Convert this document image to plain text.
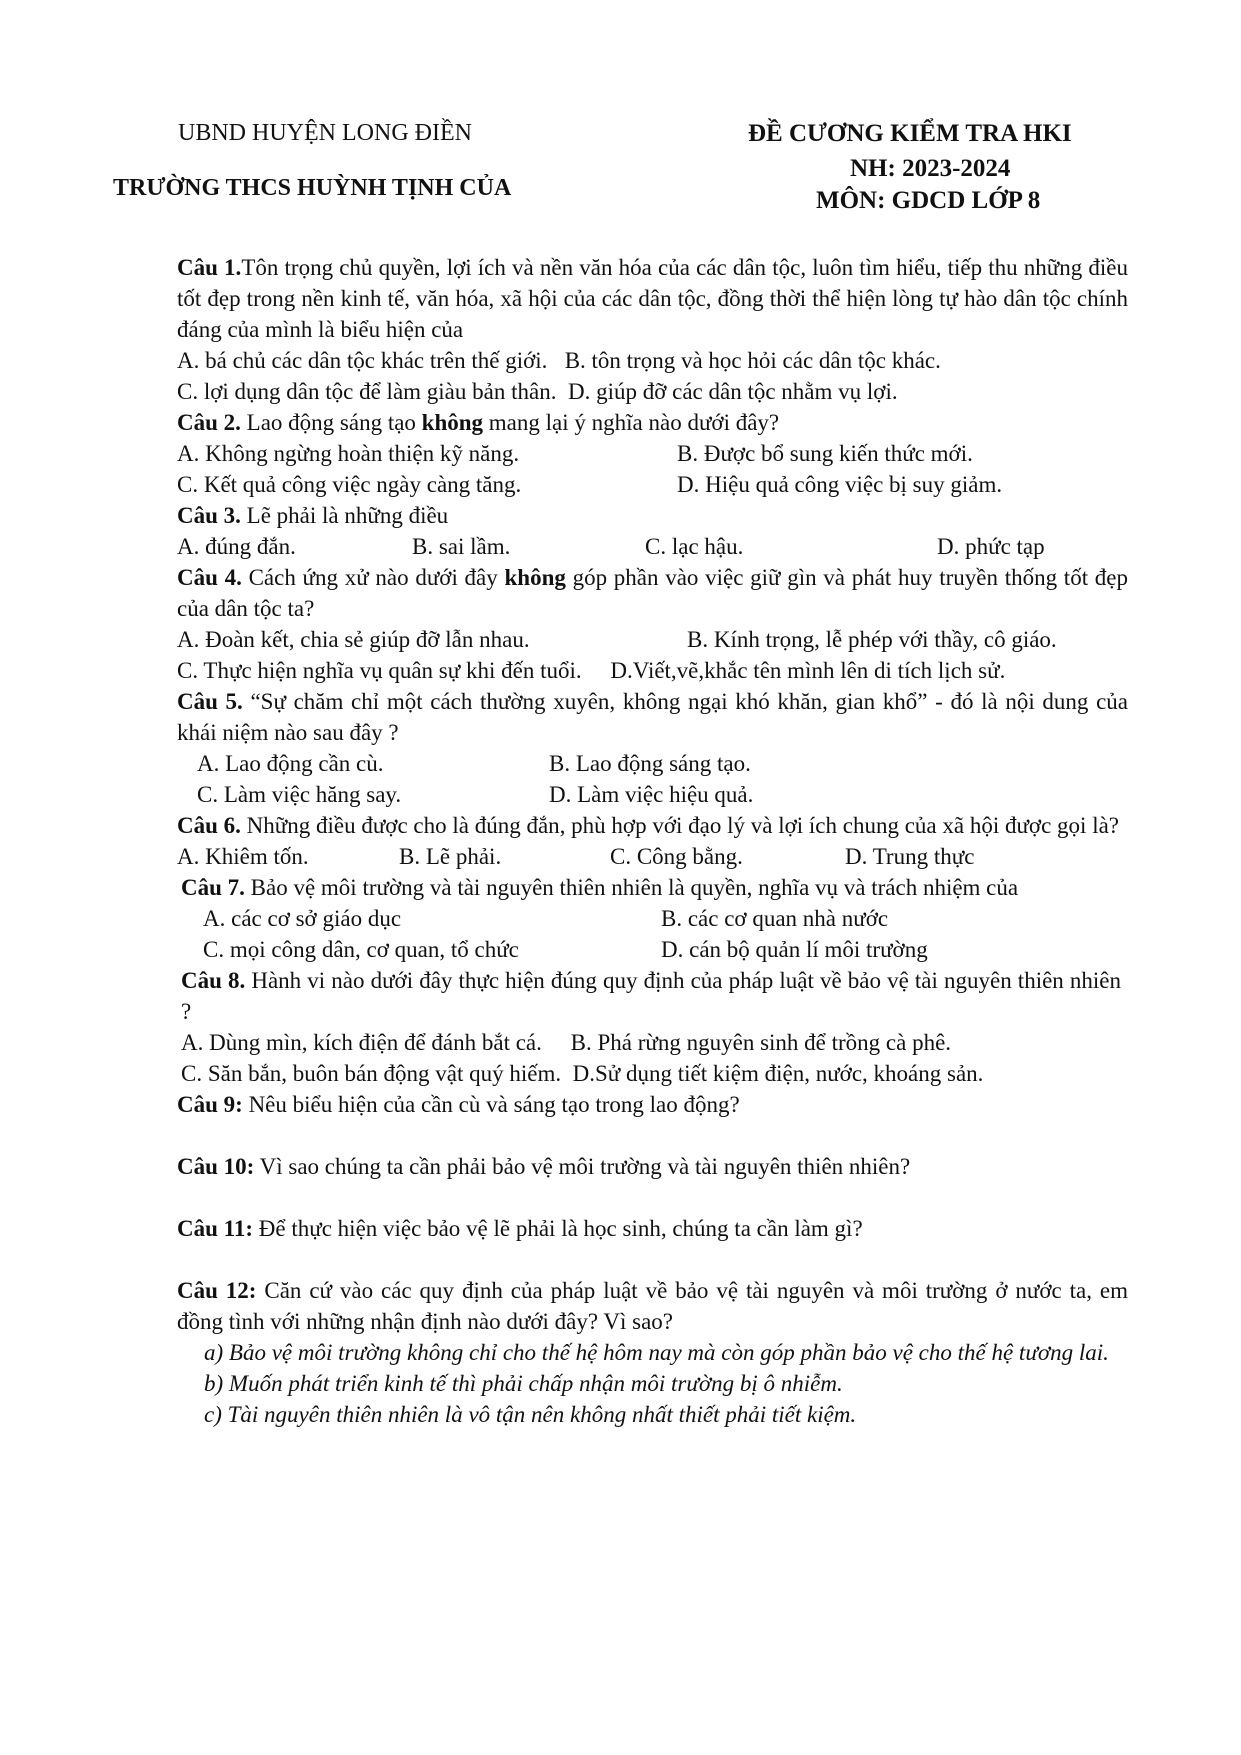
UBND HUYỆN LONG ĐIỀN
TRƯỜNG THCS HUỲNH TỊNH CỦA
ĐỀ CƯƠNG KIỂM TRA HKI
NH: 2023-2024
MÔN: GDCD LỚP 8
Câu 1.Tôn trọng chủ quyền, lợi ích và nền văn hóa của các dân tộc, luôn tìm hiểu, tiếp thu những điều tốt đẹp trong nền kinh tế, văn hóa, xã hội của các dân tộc, đồng thời thể hiện lòng tự hào dân tộc chính đáng của mình là biểu hiện của
A. bá chủ các dân tộc khác trên thế giới. B. tôn trọng và học hỏi các dân tộc khác.
C. lợi dụng dân tộc để làm giàu bản thân. D. giúp đỡ các dân tộc nhằm vụ lợi.
Câu 2. Lao động sáng tạo không mang lại ý nghĩa nào dưới đây?
A. Không ngừng hoàn thiện kỹ năng.	B. Được bổ sung kiến thức mới.
C. Kết quả công việc ngày càng tăng.	D. Hiệu quả công việc bị suy giảm.
Câu 3. Lẽ phải là những điều
A. đúng đắn.	B. sai lầm.	C. lạc hậu.	D. phức tạp
Câu 4. Cách ứng xử nào dưới đây không góp phần vào việc giữ gìn và phát huy truyền thống tốt đẹp của dân tộc ta?
A. Đoàn kết, chia sẻ giúp đỡ lẫn nhau.	B. Kính trọng, lễ phép với thầy, cô giáo.
C. Thực hiện nghĩa vụ quân sự khi đến tuổi. D.Viết,vẽ,khắc tên mình lên di tích lịch sử.
Câu 5. “Sự chăm chỉ một cách thường xuyên, không ngại khó khăn, gian khổ” - đó là nội dung của khái niệm nào sau đây ?
A. Lao động cần cù.	B. Lao động sáng tạo.
C. Làm việc hăng say.	D. Làm việc hiệu quả.
Câu 6. Những điều được cho là đúng đắn, phù hợp với đạo lý và lợi ích chung của xã hội được gọi là?
A. Khiêm tốn.	B. Lẽ phải.	C. Công bằng.	D. Trung thực
Câu 7. Bảo vệ môi trường và tài nguyên thiên nhiên là quyền, nghĩa vụ và trách nhiệm của
A. các cơ sở giáo dục	B. các cơ quan nhà nước
C. mọi công dân, cơ quan, tổ chức	D. cán bộ quản lí môi trường
Câu 8. Hành vi nào dưới đây thực hiện đúng quy định của pháp luật về bảo vệ tài nguyên thiên nhiên ?
A. Dùng mìn, kích điện để đánh bắt cá. B. Phá rừng nguyên sinh để trồng cà phê.
C. Săn bắn, buôn bán động vật quý hiếm. D.Sử dụng tiết kiệm điện, nước, khoáng sản.
Câu 9: Nêu biểu hiện của cần cù và sáng tạo trong lao động?
Câu 10: Vì sao chúng ta cần phải bảo vệ môi trường và tài nguyên thiên nhiên?
Câu 11: Để thực hiện việc bảo vệ lẽ phải là học sinh, chúng ta cần làm gì?
Câu 12: Căn cứ vào các quy định của pháp luật về bảo vệ tài nguyên và môi trường ở nước ta, em đồng tình với những nhận định nào dưới đây? Vì sao?
a) Bảo vệ môi trường không chỉ cho thế hệ hôm nay mà còn góp phần bảo vệ cho thế hệ tương lai.
b) Muốn phát triển kinh tế thì phải chấp nhận môi trường bị ô nhiễm.
c) Tài nguyên thiên nhiên là vô tận nên không nhất thiết phải tiết kiệm.
